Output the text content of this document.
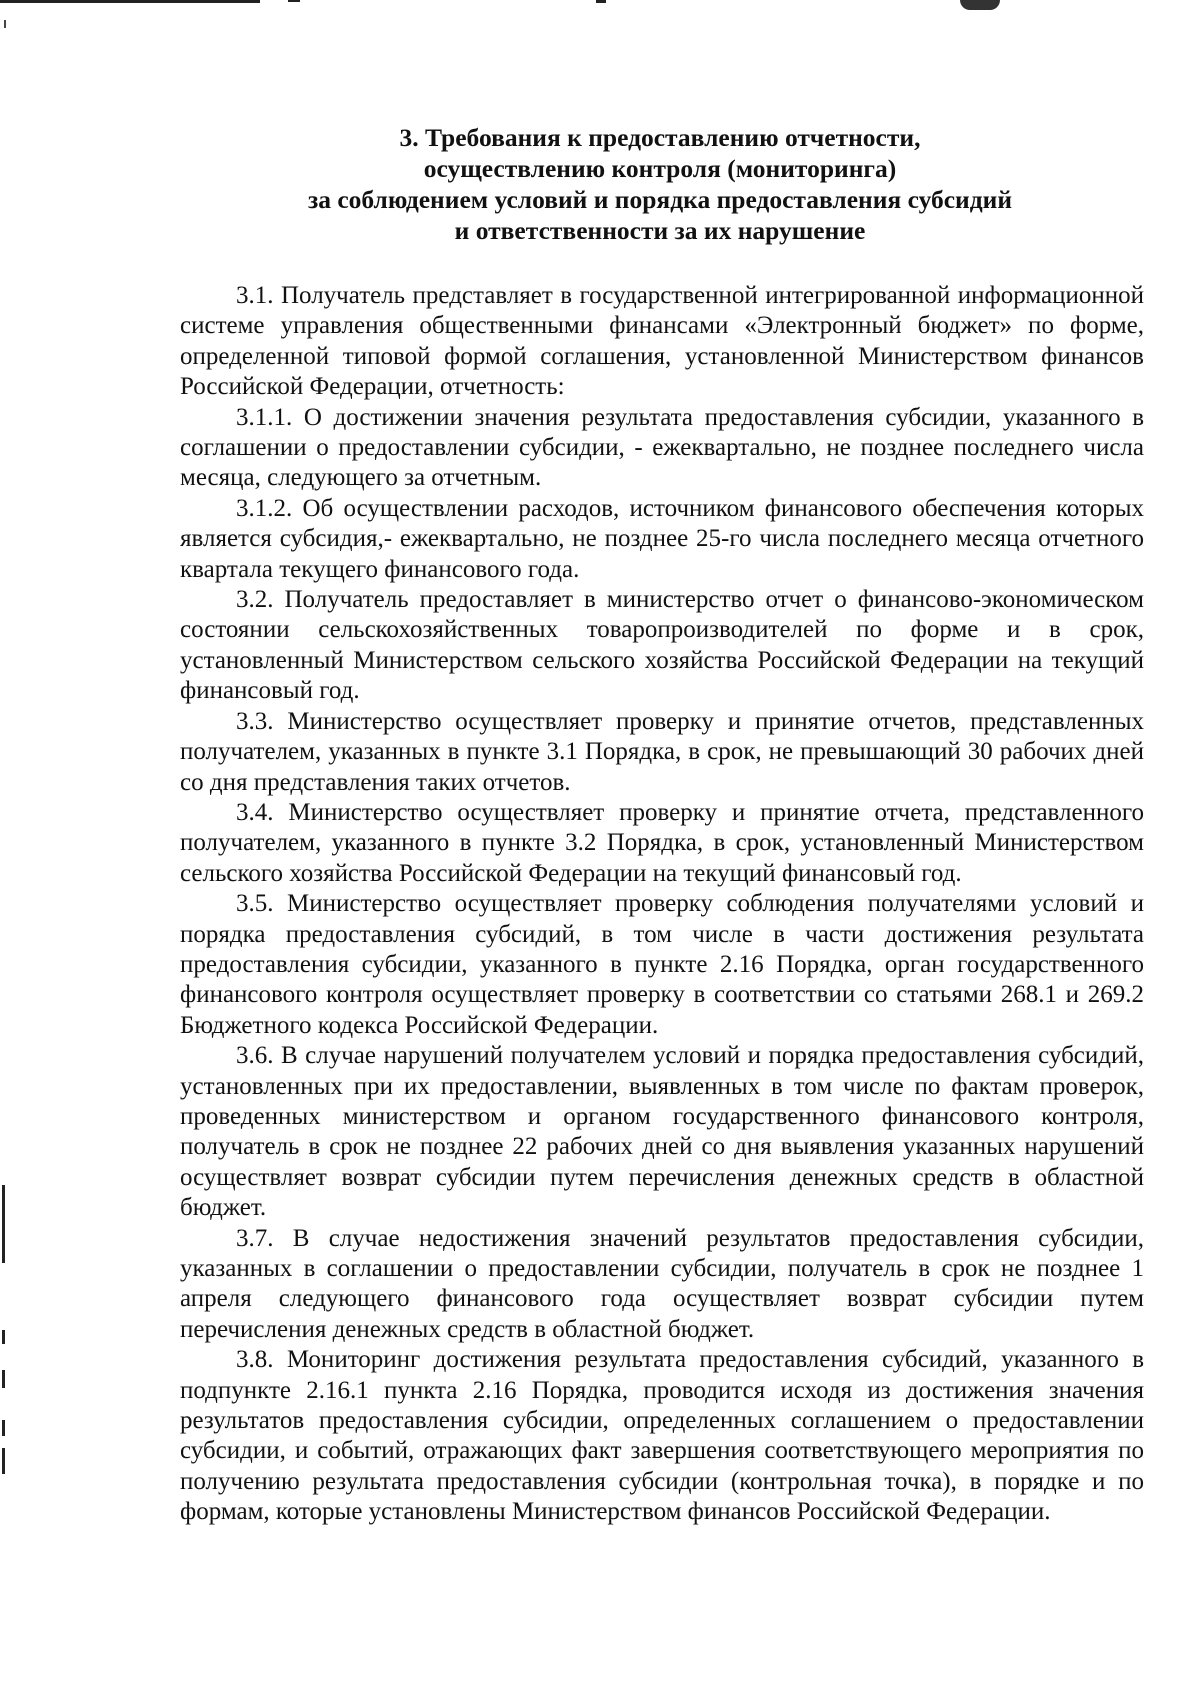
3. Требования к предоставлению отчетности,
осуществлению контроля (мониторинга)
за соблюдением условий и порядка предоставления субсидий
и ответственности за их нарушение

3.1. Получатель представляет в государственной интегрированной информационной системе управления общественными финансами «Электронный бюджет» по форме, определенной типовой формой соглашения, установленной Министерством финансов Российской Федерации, отчетность:

3.1.1. О достижении значения результата предоставления субсидии, указанного в соглашении о предоставлении субсидии, - ежеквартально, не позднее последнего числа месяца, следующего за отчетным.

3.1.2. Об осуществлении расходов, источником финансового обеспечения которых является субсидия,- ежеквартально, не позднее 25-го числа последнего месяца отчетного квартала текущего финансового года.

3.2. Получатель предоставляет в министерство отчет о финансово-экономическом состоянии сельскохозяйственных товаропроизводителей по форме и в срок, установленный Министерством сельского хозяйства Российской Федерации на текущий финансовый год.

3.3. Министерство осуществляет проверку и принятие отчетов, представленных получателем, указанных в пункте 3.1 Порядка, в срок, не превышающий 30 рабочих дней со дня представления таких отчетов.

3.4. Министерство осуществляет проверку и принятие отчета, представленного получателем, указанного в пункте 3.2 Порядка, в срок, установленный Министерством сельского хозяйства Российской Федерации на текущий финансовый год.

3.5. Министерство осуществляет проверку соблюдения получателями условий и порядка предоставления субсидий, в том числе в части достижения результата предоставления субсидии, указанного в пункте 2.16 Порядка, орган государственного финансового контроля осуществляет проверку в соответствии со статьями 268.1 и 269.2 Бюджетного кодекса Российской Федерации.

3.6. В случае нарушений получателем условий и порядка предоставления субсидий, установленных при их предоставлении, выявленных в том числе по фактам проверок, проведенных министерством и органом государственного финансового контроля, получатель в срок не позднее 22 рабочих дней со дня выявления указанных нарушений осуществляет возврат субсидии путем перечисления денежных средств в областной бюджет.

3.7. В случае недостижения значений результатов предоставления субсидии, указанных в соглашении о предоставлении субсидии, получатель в срок не позднее 1 апреля следующего финансового года осуществляет возврат субсидии путем перечисления денежных средств в областной бюджет.

3.8. Мониторинг достижения результата предоставления субсидий, указанного в подпункте 2.16.1 пункта 2.16 Порядка, проводится исходя из достижения значения результатов предоставления субсидии, определенных соглашением о предоставлении субсидии, и событий, отражающих факт завершения соответствующего мероприятия по получению результата предоставления субсидии (контрольная точка), в порядке и по формам, которые установлены Министерством финансов Российской Федерации.
